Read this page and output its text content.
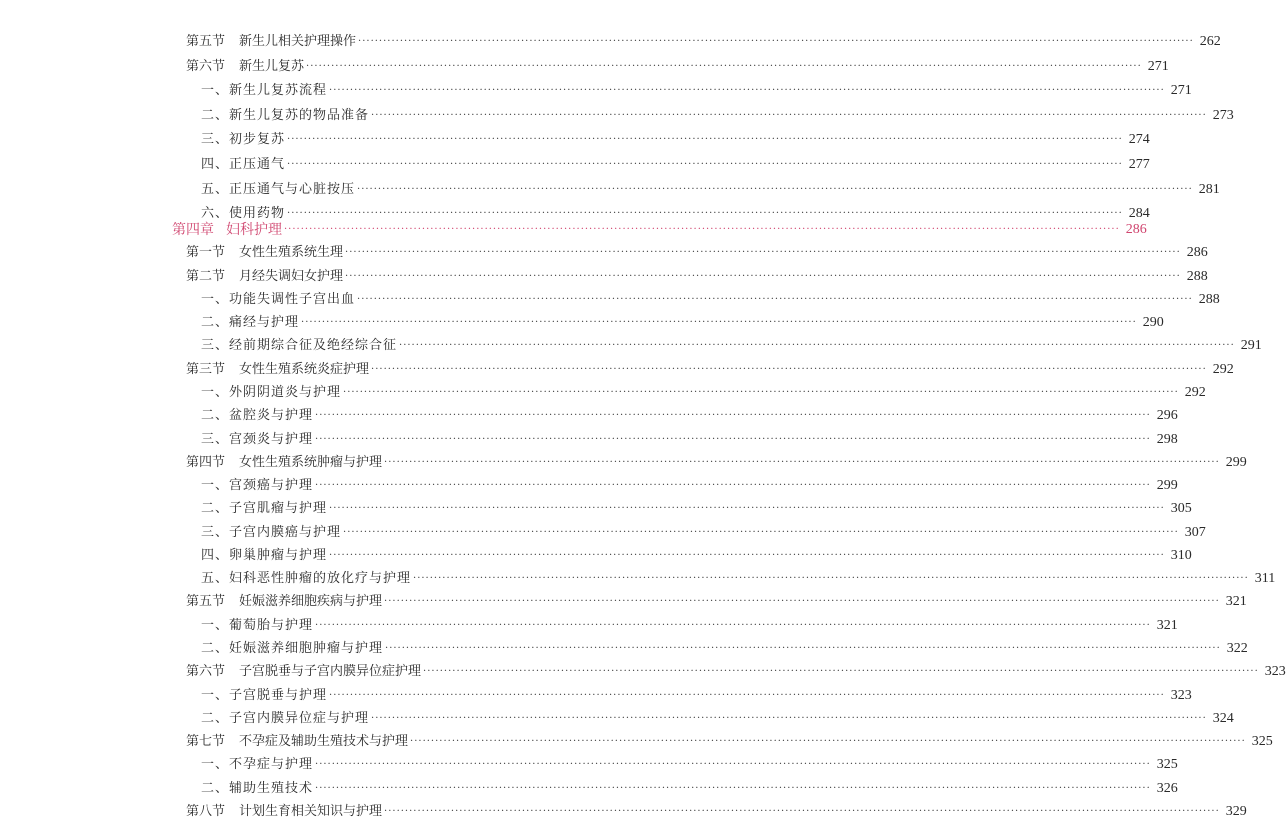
第五节 新生儿相关护理操作 ········································································································································································································ 262
第六节 新生儿复苏 ········································································································································································································ 271
一、新生儿复苏流程 ········································································································································································································ 271
二、新生儿复苏的物品准备 ········································································································································································································ 273
三、初步复苏 ········································································································································································································ 274
四、正压通气 ········································································································································································································ 277
五、正压通气与心脏按压 ········································································································································································································ 281
六、使用药物 ········································································································································································································ 284
第四章 妇科护理 ········································································································································································································ 286
第一节 女性生殖系统生理 ········································································································································································································ 286
第二节 月经失调妇女护理 ········································································································································································································ 288
一、功能失调性子宫出血 ········································································································································································································ 288
二、痛经与护理 ········································································································································································································ 290
三、经前期综合征及绝经综合征 ········································································································································································································ 291
第三节 女性生殖系统炎症护理 ········································································································································································································ 292
一、外阴阴道炎与护理 ········································································································································································································ 292
二、盆腔炎与护理 ········································································································································································································ 296
三、宫颈炎与护理 ········································································································································································································ 298
第四节 女性生殖系统肿瘤与护理 ········································································································································································································ 299
一、宫颈癌与护理 ········································································································································································································ 299
二、子宫肌瘤与护理 ········································································································································································································ 305
三、子宫内膜癌与护理 ········································································································································································································ 307
四、卵巢肿瘤与护理 ········································································································································································································ 310
五、妇科恶性肿瘤的放化疗与护理 ········································································································································································································ 311
第五节 妊娠滋养细胞疾病与护理 ········································································································································································································ 321
一、葡萄胎与护理 ········································································································································································································ 321
二、妊娠滋养细胞肿瘤与护理 ········································································································································································································ 322
第六节 子宫脱垂与子宫内膜异位症护理 ········································································································································································································ 323
一、子宫脱垂与护理 ········································································································································································································ 323
二、子宫内膜异位症与护理 ········································································································································································································ 324
第七节 不孕症及辅助生殖技术与护理 ········································································································································································································ 325
一、不孕症与护理 ········································································································································································································ 325
二、辅助生殖技术 ········································································································································································································ 326
第八节 计划生育相关知识与护理 ········································································································································································································ 329
